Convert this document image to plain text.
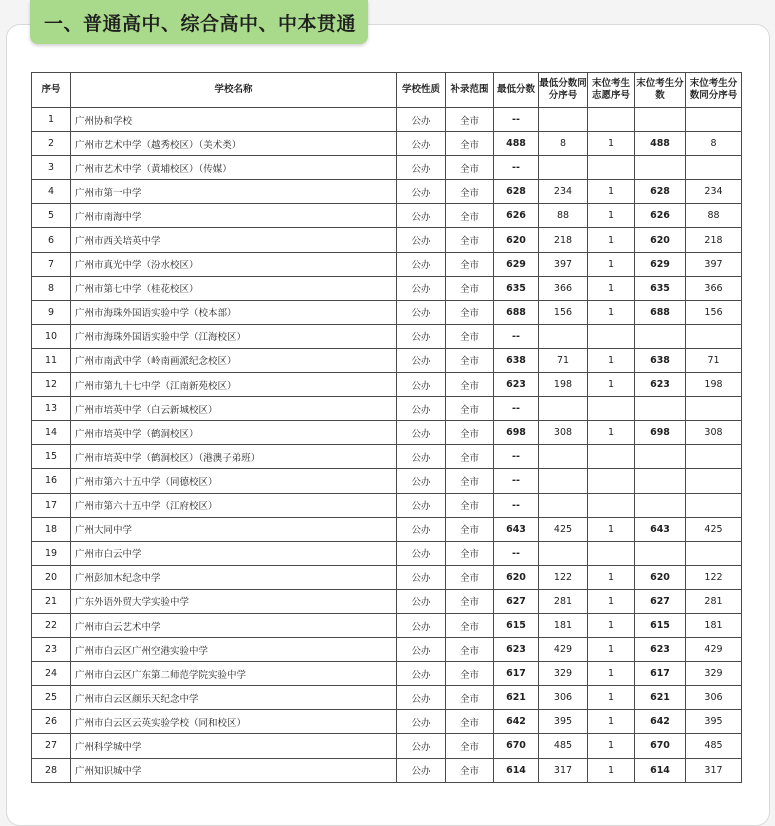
一、普通高中、综合高中、中本贯通
序号	学校名称	学校性质	补录范围	最低分数	最低分数同分序号	末位考生志愿序号	末位考生分数	末位考生分数同分序号
1	广州协和学校	公办	全市	--				
2	广州市艺术中学（越秀校区）（美术类）	公办	全市	488	8	1	488	8
3	广州市艺术中学（黄埔校区）（传媒）	公办	全市	--				
4	广州市第一中学	公办	全市	628	234	1	628	234
5	广州市南海中学	公办	全市	626	88	1	626	88
6	广州市西关培英中学	公办	全市	620	218	1	620	218
7	广州市真光中学（汾水校区）	公办	全市	629	397	1	629	397
8	广州市第七中学（桂花校区）	公办	全市	635	366	1	635	366
9	广州市海珠外国语实验中学（校本部）	公办	全市	688	156	1	688	156
10	广州市海珠外国语实验中学（江海校区）	公办	全市	--				
11	广州市南武中学（岭南画派纪念校区）	公办	全市	638	71	1	638	71
12	广州市第九十七中学（江南新苑校区）	公办	全市	623	198	1	623	198
13	广州市培英中学（白云新城校区）	公办	全市	--				
14	广州市培英中学（鹤洞校区）	公办	全市	698	308	1	698	308
15	广州市培英中学（鹤洞校区）（港澳子弟班）	公办	全市	--				
16	广州市第六十五中学（同德校区）	公办	全市	--				
17	广州市第六十五中学（江府校区）	公办	全市	--				
18	广州大同中学	公办	全市	643	425	1	643	425
19	广州市白云中学	公办	全市	--				
20	广州彭加木纪念中学	公办	全市	620	122	1	620	122
21	广东外语外贸大学实验中学	公办	全市	627	281	1	627	281
22	广州市白云艺术中学	公办	全市	615	181	1	615	181
23	广州市白云区广州空港实验中学	公办	全市	623	429	1	623	429
24	广州市白云区广东第二师范学院实验中学	公办	全市	617	329	1	617	329
25	广州市白云区颜乐天纪念中学	公办	全市	621	306	1	621	306
26	广州市白云区云英实验学校（同和校区）	公办	全市	642	395	1	642	395
27	广州科学城中学	公办	全市	670	485	1	670	485
28	广州知识城中学	公办	全市	614	317	1	614	317
